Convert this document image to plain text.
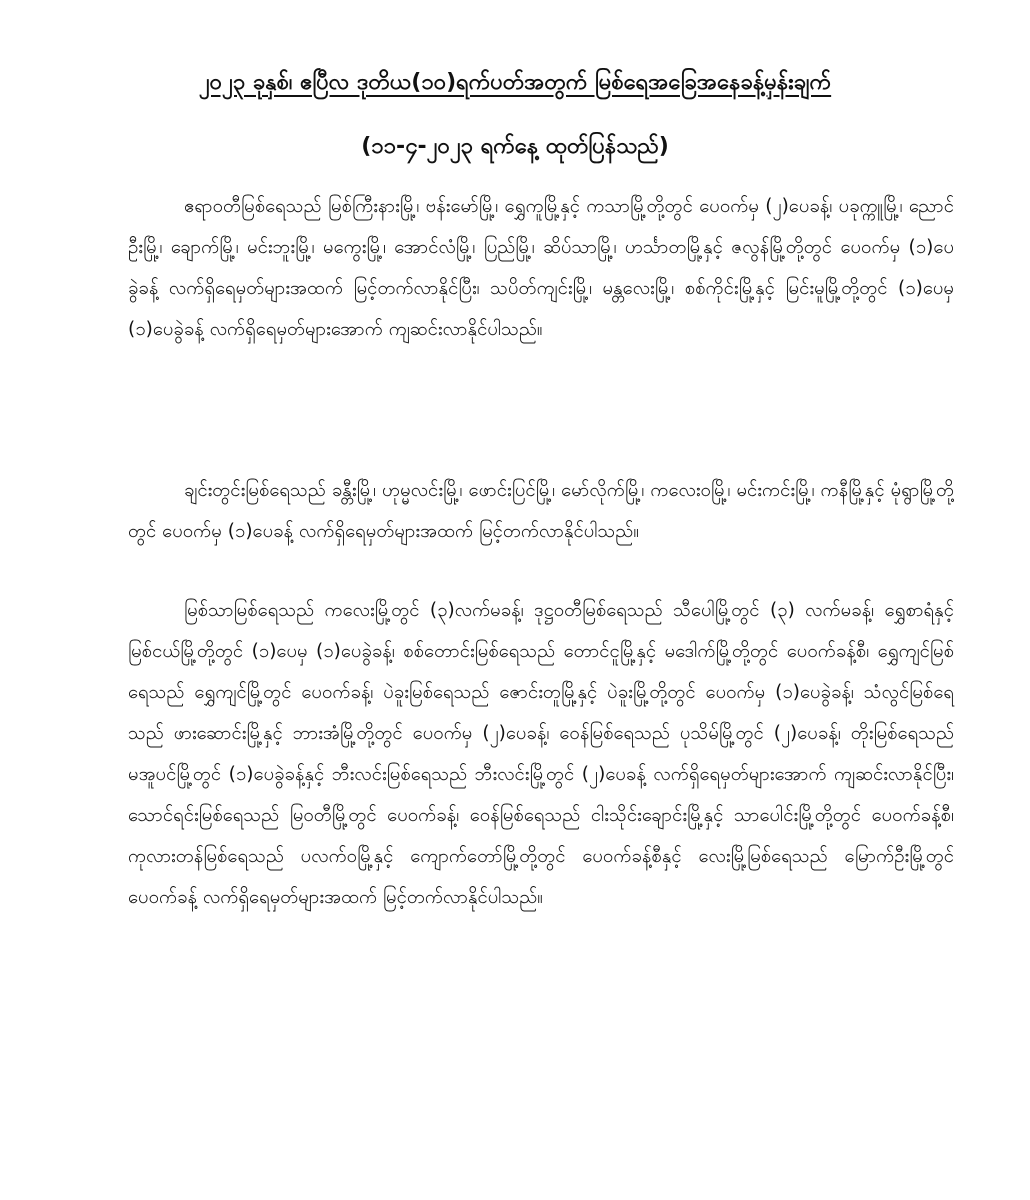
၂၀၂၃ ခုနှစ်၊ ဧပြီလ ဒုတိယ(၁၀)ရက်ပတ်အတွက် မြစ်ရေအခြေအနေခန့်မှန်းချက်
(၁၁-၄-၂၀၂၃ ရက်နေ့ ထုတ်ပြန်သည်)

ဧရာဝတီမြစ်ရေသည် မြစ်ကြီးနားမြို့၊ ဗန်းမော်မြို့၊ ရွှေကူမြို့နှင့် ကသာမြို့တို့တွင် ပေ၀က်မှ (၂)ပေခန့်၊ ပခုက္ကူမြို့၊ ညောင်ဦးမြို့၊ ချောက်မြို့၊ မင်းဘူးမြို့၊ မကွေးမြို့၊ အောင်လံမြို့၊ ပြည်မြို့၊ ဆိပ်သာမြို့၊ ဟင်္သာတမြို့နှင့် ဇလွန်မြို့တို့တွင် ပေ၀က်မှ (၁)ပေခွဲခန့် လက်ရှိရေမှတ်များအထက် မြင့်တက်လာနိုင်ပြီး၊ သပိတ်ကျင်းမြို့၊ မန္တလေးမြို့၊ စစ်ကိုင်းမြို့နှင့် မြင်းမူမြို့တို့တွင် (၁)ပေမှ (၁)ပေခွဲခန့် လက်ရှိရေမှတ်များအောက် ကျဆင်းလာနိုင်ပါသည်။

ချင်းတွင်းမြစ်ရေသည် ခန္တီးမြို့၊ ဟုမ္မလင်းမြို့၊ ဖောင်းပြင်မြို့၊ မော်လိုက်မြို့၊ ကလေးဝမြို့၊ မင်းကင်းမြို့၊ ကနီမြို့နှင့် မုံရွာမြို့တို့တွင် ပေ၀က်မှ (၁)ပေခန့် လက်ရှိရေမှတ်များအထက် မြင့်တက်လာနိုင်ပါသည်။

မြစ်သာမြစ်ရေသည် ကလေးမြို့တွင် (၃)လက်မခန့်၊ ဒုဋ္ဌဝတီမြစ်ရေသည် သီပေါမြို့တွင် (၃) လက်မခန့်၊ ရွှေစာရံနှင့် မြစ်ငယ်မြို့တို့တွင် (၁)ပေမှ (၁)ပေခွဲခန့်၊ စစ်တောင်းမြစ်ရေသည် တောင်ငူမြို့နှင့် မဒေါက်မြို့တို့တွင် ပေ၀က်ခန့်စီ၊ ရွှေကျင်မြစ်ရေသည် ရွှေကျင်မြို့တွင် ပေ၀က်ခန့်၊ ပဲခူးမြစ်ရေသည် ဇောင်းတူမြို့နှင့် ပဲခူးမြို့တို့တွင် ပေ၀က်မှ (၁)ပေခွဲခန့်၊ သံလွင်မြစ်ရေသည် ဖားဆောင်းမြို့နှင့် ဘားအံမြို့တို့တွင် ပေ၀က်မှ (၂)ပေခန့်၊ ဝေန်မြစ်ရေသည် ပုသိမ်မြို့တွင် (၂)ပေခန့်၊ တိုးမြစ်ရေသည် မအူပင်မြို့တွင် (၁)ပေခွဲခန့်နှင့် ဘီးလင်းမြစ်ရေသည် ဘီးလင်းမြို့တွင် (၂)ပေခန့် လက်ရှိရေမှတ်များအောက် ကျဆင်းလာနိုင်ပြီး၊ သောင်ရင်းမြစ်ရေသည် မြဝတီမြို့တွင် ပေ၀က်ခန့်၊ ဝေန်မြစ်ရေသည် ငါးသိုင်းချောင်းမြို့နှင့် သာပေါင်းမြို့တို့တွင် ပေ၀က်ခန့်စီ၊ ကုလားတန်မြစ်ရေသည် ပလက်ဝမြို့နှင့် ကျောက်တော်မြို့တို့တွင် ပေ၀က်ခန့်စီနှင့် လေးမြို့မြစ်ရေသည် မြောက်ဦးမြို့တွင် ပေ၀က်ခန့် လက်ရှိရေမှတ်များအထက် မြင့်တက်လာနိုင်ပါသည်။
